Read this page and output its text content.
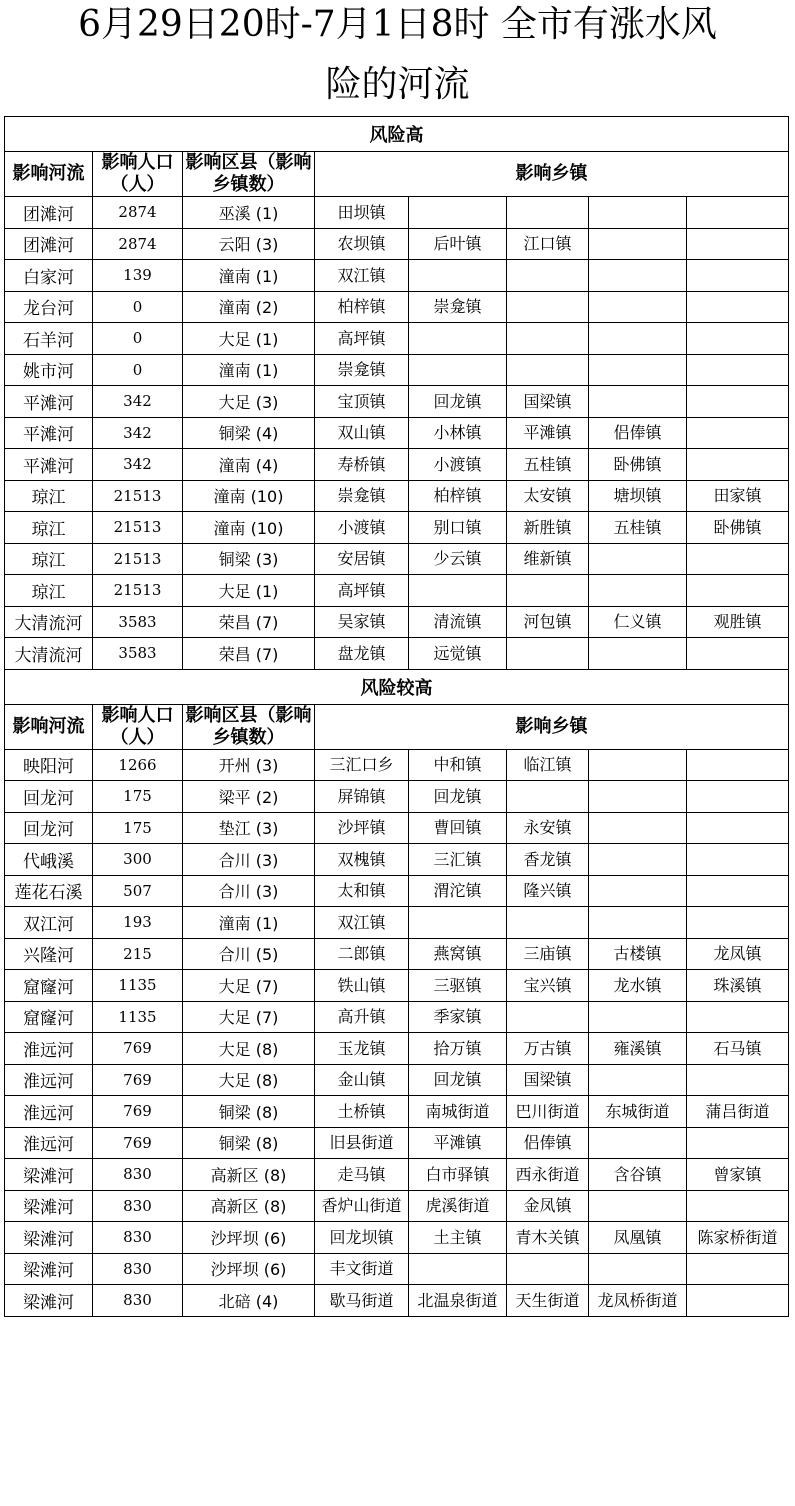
6月29日20时-7月1日8时 全市有涨水风
险的河流
风险高							
影响河流	影响人口（人）	影响区县（影响乡镇数）	影响乡镇				
团滩河	2874	巫溪 (1)	田坝镇				
团滩河	2874	云阳 (3)	农坝镇	后叶镇	江口镇		
白家河	139	潼南 (1)	双江镇				
龙台河	0	潼南 (2)	柏梓镇	崇龛镇			
石羊河	0	大足 (1)	高坪镇				
姚市河	0	潼南 (1)	崇龛镇				
平滩河	342	大足 (3)	宝顶镇	回龙镇	国梁镇		
平滩河	342	铜梁 (4)	双山镇	小林镇	平滩镇	侣俸镇	
平滩河	342	潼南 (4)	寿桥镇	小渡镇	五桂镇	卧佛镇	
琼江	21513	潼南 (10)	崇龛镇	柏梓镇	太安镇	塘坝镇	田家镇
琼江	21513	潼南 (10)	小渡镇	别口镇	新胜镇	五桂镇	卧佛镇
琼江	21513	铜梁 (3)	安居镇	少云镇	维新镇		
琼江	21513	大足 (1)	高坪镇				
大清流河	3583	荣昌 (7)	吴家镇	清流镇	河包镇	仁义镇	观胜镇
大清流河	3583	荣昌 (7)	盘龙镇	远觉镇			
风险较高							
影响河流	影响人口（人）	影响区县（影响乡镇数）	影响乡镇				
映阳河	1266	开州 (3)	三汇口乡	中和镇	临江镇		
回龙河	175	梁平 (2)	屏锦镇	回龙镇			
回龙河	175	垫江 (3)	沙坪镇	曹回镇	永安镇		
代峨溪	300	合川 (3)	双槐镇	三汇镇	香龙镇		
莲花石溪	507	合川 (3)	太和镇	渭沱镇	隆兴镇		
双江河	193	潼南 (1)	双江镇				
兴隆河	215	合川 (5)	二郎镇	燕窝镇	三庙镇	古楼镇	龙凤镇
窟窿河	1135	大足 (7)	铁山镇	三驱镇	宝兴镇	龙水镇	珠溪镇
窟窿河	1135	大足 (7)	高升镇	季家镇			
淮远河	769	大足 (8)	玉龙镇	拾万镇	万古镇	雍溪镇	石马镇
淮远河	769	大足 (8)	金山镇	回龙镇	国梁镇		
淮远河	769	铜梁 (8)	土桥镇	南城街道	巴川街道	东城街道	蒲吕街道
淮远河	769	铜梁 (8)	旧县街道	平滩镇	侣俸镇		
梁滩河	830	高新区 (8)	走马镇	白市驿镇	西永街道	含谷镇	曾家镇
梁滩河	830	高新区 (8)	香炉山街道	虎溪街道	金凤镇		
梁滩河	830	沙坪坝 (6)	回龙坝镇	土主镇	青木关镇	凤凰镇	陈家桥街道
梁滩河	830	沙坪坝 (6)	丰文街道				
梁滩河	830	北碚 (4)	歇马街道	北温泉街道	天生街道	龙凤桥街道	
